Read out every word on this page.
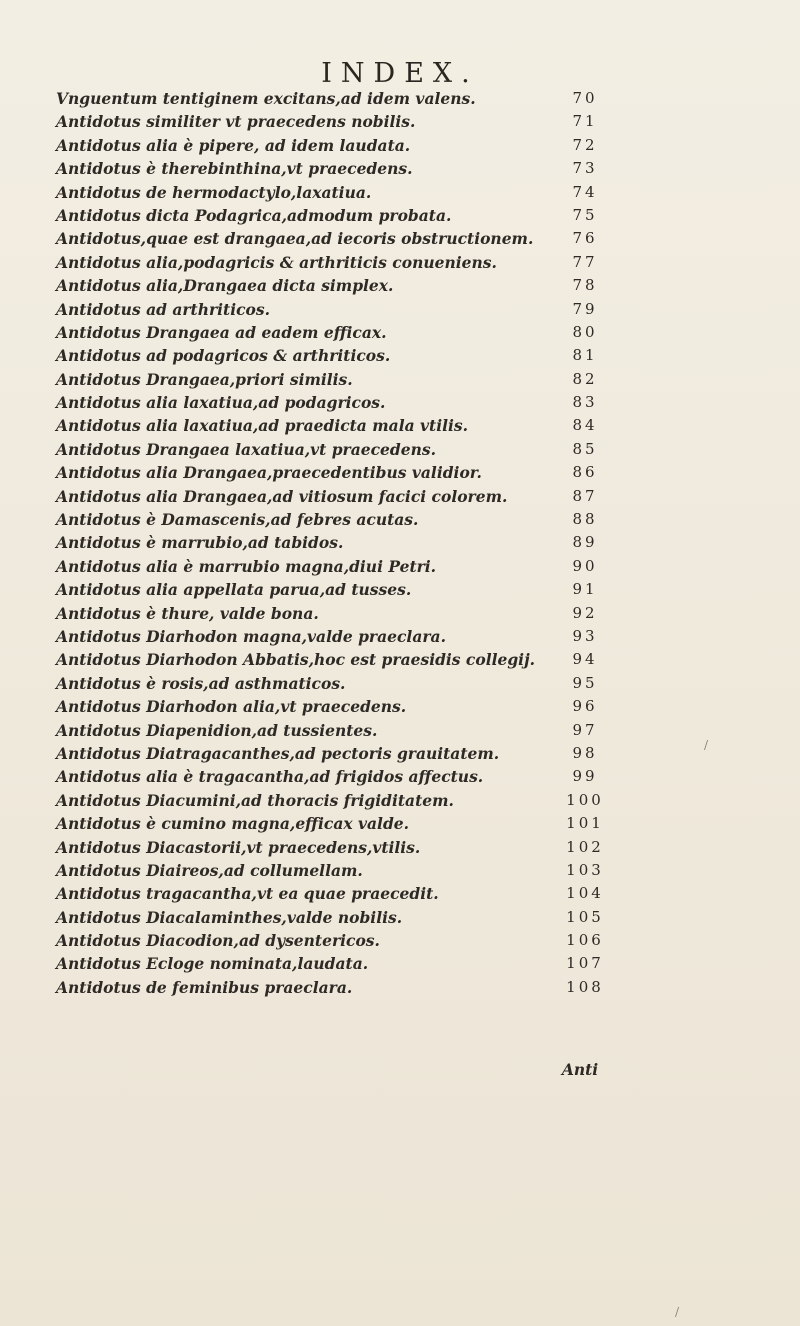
INDEX.
Vnguentum tentiginem excitans,ad idem valens.	70
Antidotus similiter vt praecedens nobilis.	71
Antidotus alia è pipere, ad idem laudata.	72
Antidotus è therebinthina,vt praecedens.	73
Antidotus de hermodactylo,laxatiua.	74
Antidotus dicta Podagrica,admodum probata.	75
Antidotus,quae est drangaea,ad iecoris obstructionem.	76
Antidotus alia,podagricis & arthriticis conueniens.	77
Antidotus alia,Drangaea dicta simplex.	78
Antidotus ad arthriticos.	79
Antidotus Drangaea ad eadem efficax.	80
Antidotus ad podagricos & arthriticos.	81
Antidotus Drangaea,priori similis.	82
Antidotus alia laxatiua,ad podagricos.	83
Antidotus alia laxatiua,ad praedicta mala vtilis.	84
Antidotus Drangaea laxatiua,vt praecedens.	85
Antidotus alia Drangaea,praecedentibus validior.	86
Antidotus alia Drangaea,ad vitiosum facici colorem.	87
Antidotus è Damascenis,ad febres acutas.	88
Antidotus è marrubio,ad tabidos.	89
Antidotus alia è marrubio magna,diui Petri.	90
Antidotus alia appellata parua,ad tusses.	91
Antidotus è thure, valde bona.	92
Antidotus Diarhodon magna,valde praeclara.	93
Antidotus Diarhodon Abbatis,hoc est praesidis collegij.	94
Antidotus è rosis,ad asthmaticos.	95
Antidotus Diarhodon alia,vt praecedens.	96
Antidotus Diapenidion,ad tussientes.	97
Antidotus Diatragacanthes,ad pectoris grauitatem.	98
Antidotus alia è tragacantha,ad frigidos affectus.	99
Antidotus Diacumini,ad thoracis frigiditatem.	100
Antidotus è cumino magna,efficax valde.	101
Antidotus Diacastorii,vt praecedens,vtilis.	102
Antidotus Diaireos,ad collumellam.	103
Antidotus tragacantha,vt ea quae praecedit.	104
Antidotus Diacalaminthes,valde nobilis.	105
Antidotus Diacodion,ad dysentericos.	106
Antidotus Ecloge nominata,laudata.	107
Antidotus de feminibus praeclara.	108
Anti
/
/
